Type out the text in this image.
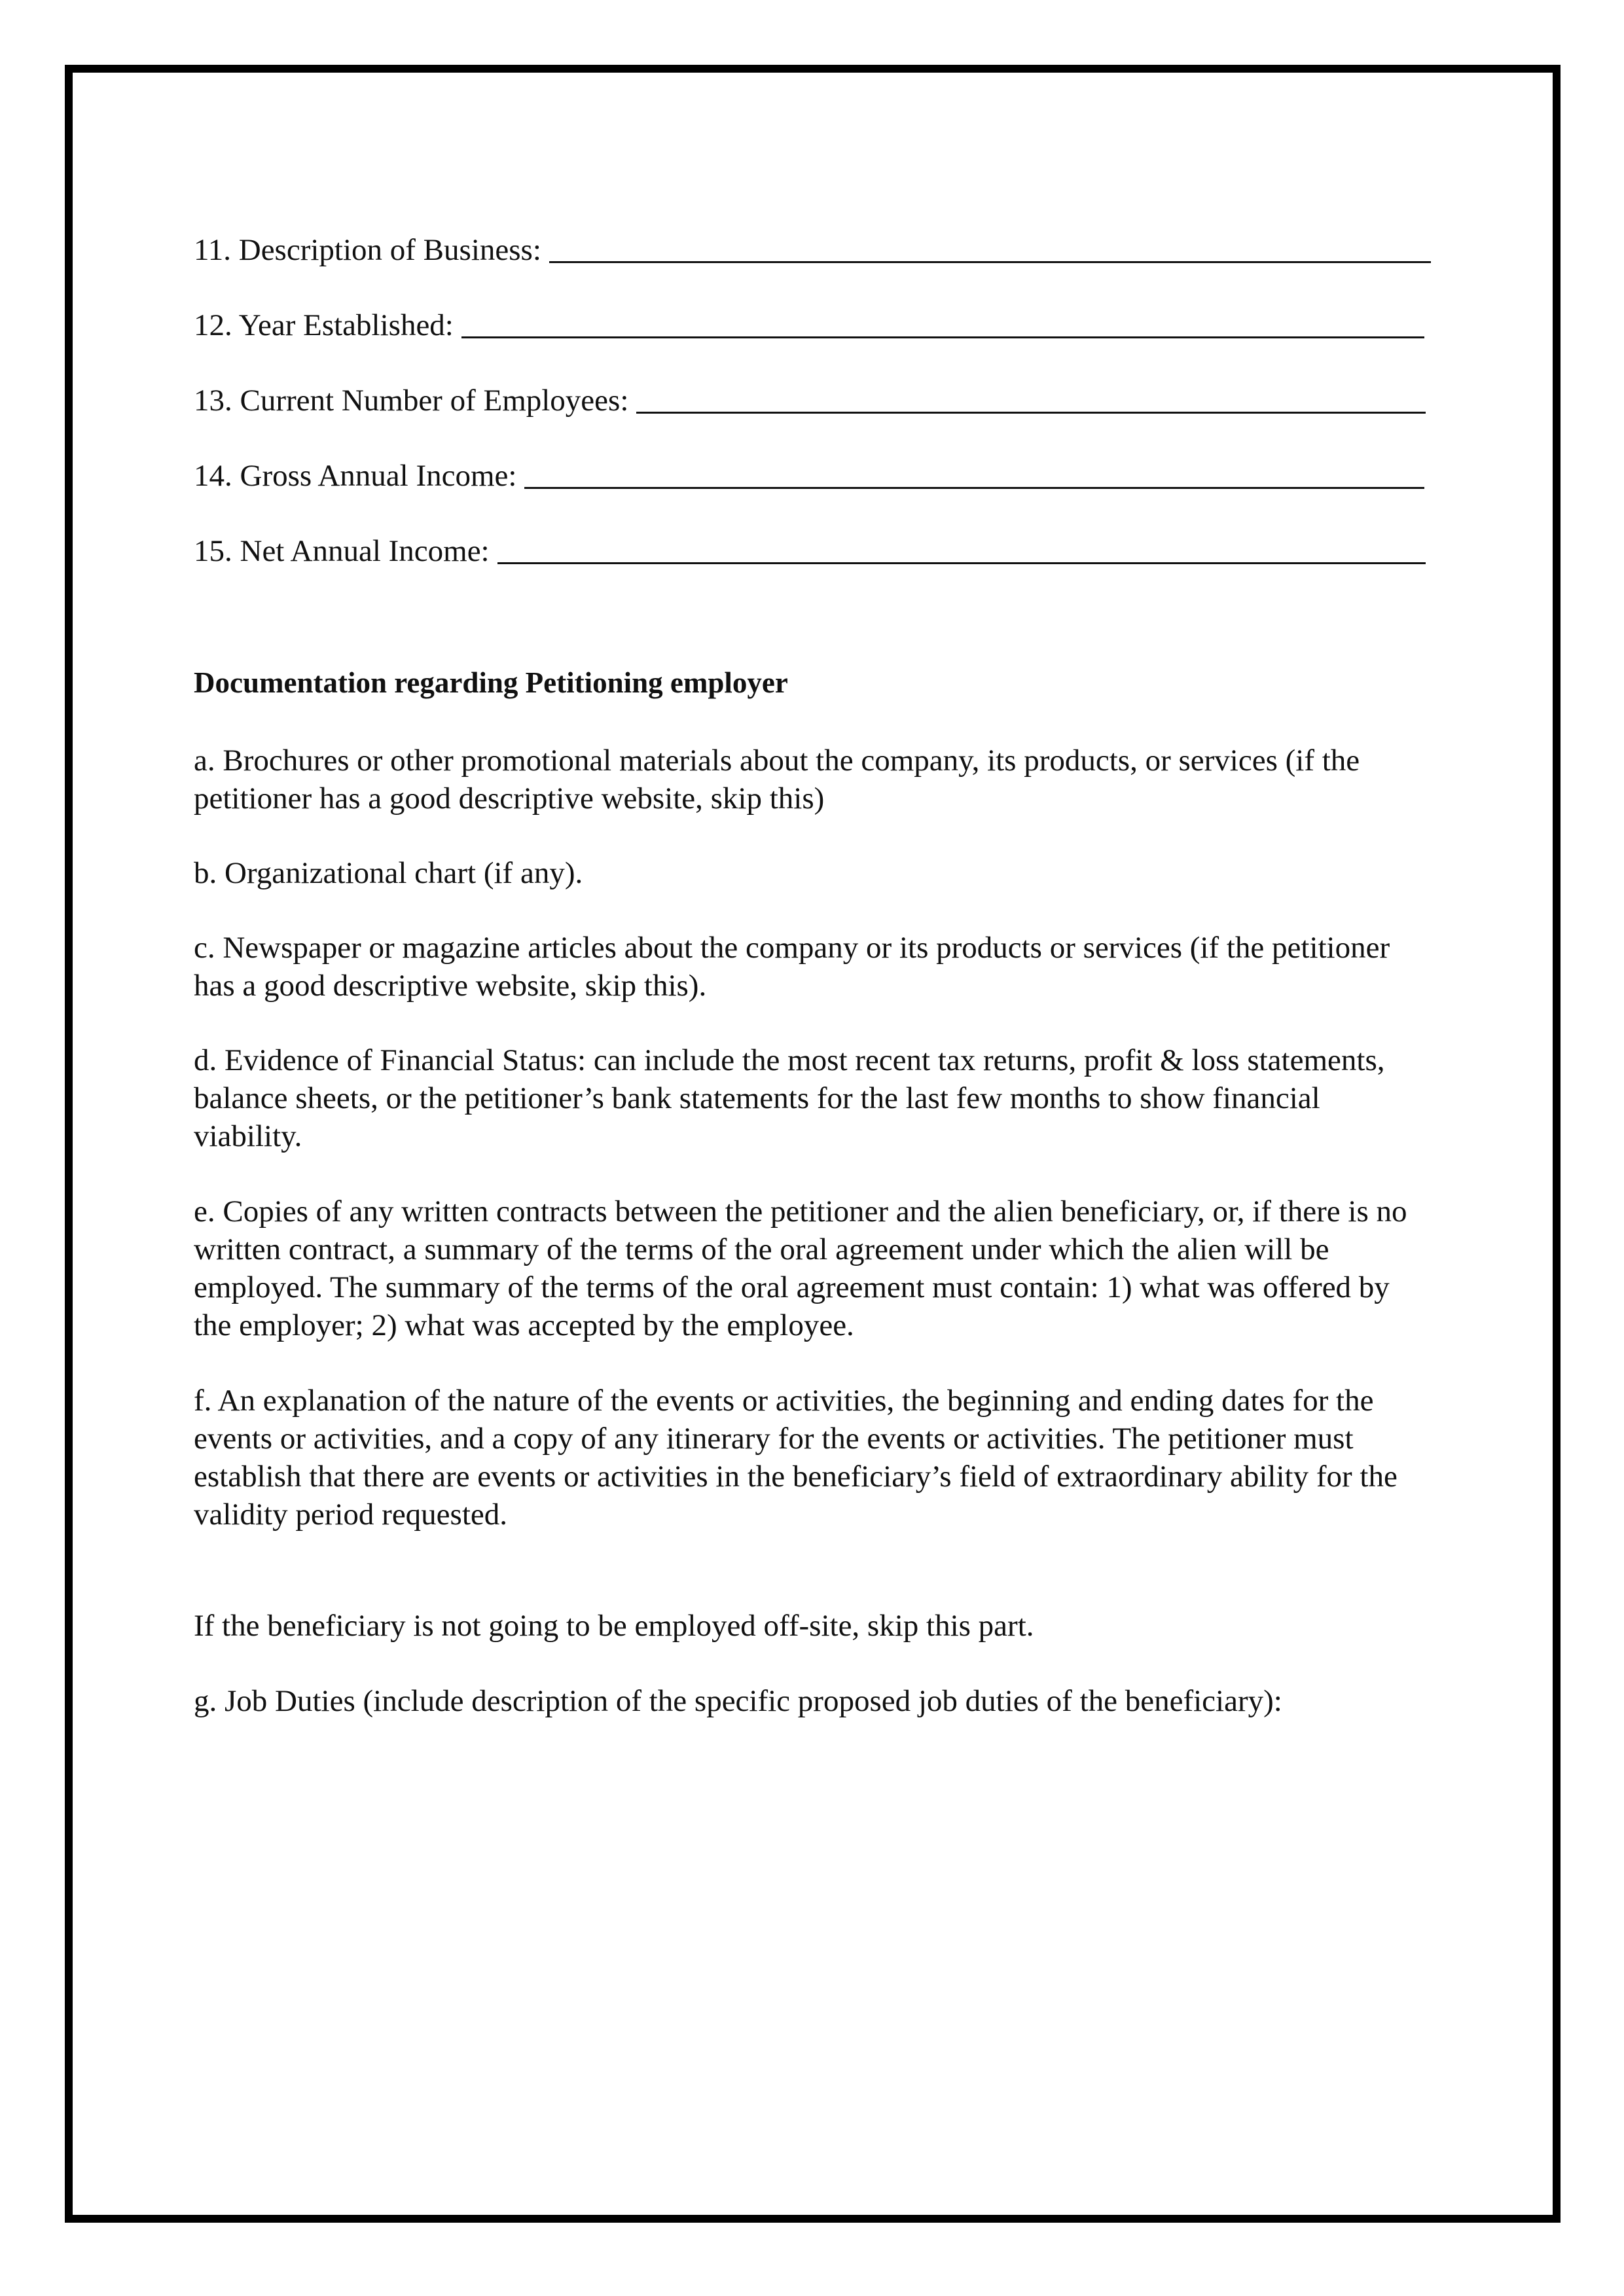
11. Description of Business:
12. Year Established:
13. Current Number of Employees:
14. Gross Annual Income:
15. Net Annual Income:
Documentation regarding Petitioning employer
a. Brochures or other promotional materials about the company, its products, or services (if the petitioner has a good descriptive website, skip this)
b. Organizational chart (if any).
c. Newspaper or magazine articles about the company or its products or services (if the petitioner has a good descriptive website, skip this).
d. Evidence of Financial Status: can include the most recent tax returns, profit & loss statements, balance sheets, or the petitioner’s bank statements for the last few months to show financial viability.
e. Copies of any written contracts between the petitioner and the alien beneficiary, or, if there is no written contract, a summary of the terms of the oral agreement under which the alien will be employed. The summary of the terms of the oral agreement must contain: 1) what was offered by the employer; 2) what was accepted by the employee.
f. An explanation of the nature of the events or activities, the beginning and ending dates for the events or activities, and a copy of any itinerary for the events or activities. The petitioner must establish that there are events or activities in the beneficiary’s field of extraordinary ability for the validity period requested.
If the beneficiary is not going to be employed off-site, skip this part.
g. Job Duties (include description of the specific proposed job duties of the beneficiary):
